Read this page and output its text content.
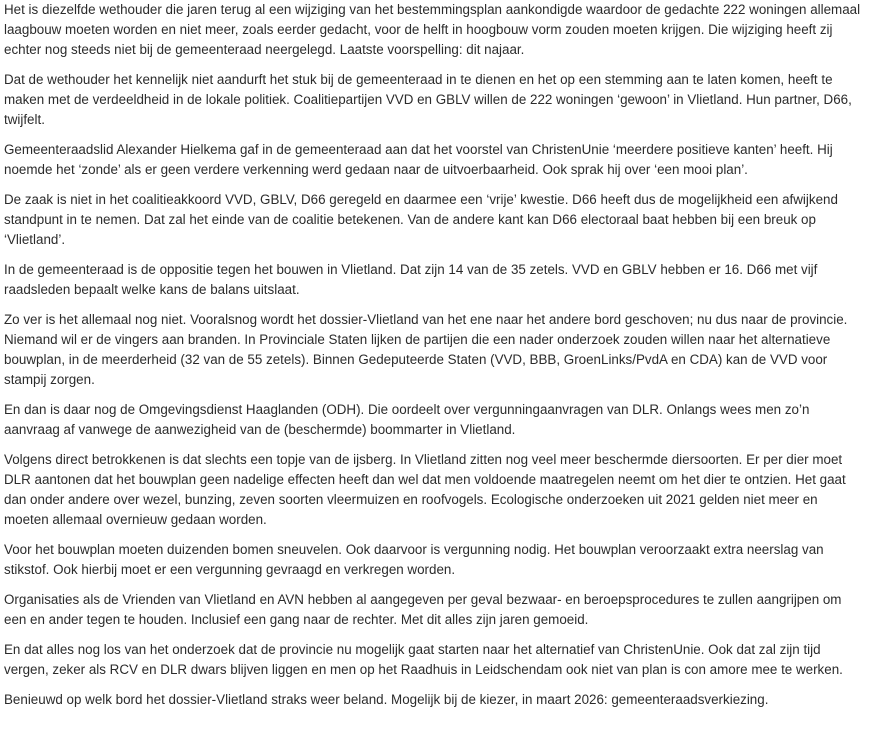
Het is diezelfde wethouder die jaren terug al een wijziging van het bestemmingsplan aankondigde waardoor de gedachte 222 woningen allemaal laagbouw moeten worden en niet meer, zoals eerder gedacht, voor de helft in hoogbouw vorm zouden moeten krijgen. Die wijziging heeft zij echter nog steeds niet bij de gemeenteraad neergelegd. Laatste voorspelling: dit najaar.

Dat de wethouder het kennelijk niet aandurft het stuk bij de gemeenteraad in te dienen en het op een stemming aan te laten komen, heeft te maken met de verdeeldheid in de lokale politiek. Coalitiepartijen VVD en GBLV willen de 222 woningen ‘gewoon’ in Vlietland. Hun partner, D66, twijfelt.

Gemeenteraadslid Alexander Hielkema gaf in de gemeenteraad aan dat het voorstel van ChristenUnie ‘meerdere positieve kanten’ heeft. Hij noemde het ‘zonde’ als er geen verdere verkenning werd gedaan naar de uitvoerbaarheid. Ook sprak hij over ‘een mooi plan’.

De zaak is niet in het coalitieakkoord VVD, GBLV, D66 geregeld en daarmee een ‘vrije’ kwestie. D66 heeft dus de mogelijkheid een afwijkend standpunt in te nemen. Dat zal het einde van de coalitie betekenen. Van de andere kant kan D66 electoraal baat hebben bij een breuk op ‘Vlietland’.

In de gemeenteraad is de oppositie tegen het bouwen in Vlietland. Dat zijn 14 van de 35 zetels. VVD en GBLV hebben er 16. D66 met vijf raadsleden bepaalt welke kans de balans uitslaat.

Zo ver is het allemaal nog niet. Vooralsnog wordt het dossier-Vlietland van het ene naar het andere bord geschoven; nu dus naar de provincie. Niemand wil er de vingers aan branden. In Provinciale Staten lijken de partijen die een nader onderzoek zouden willen naar het alternatieve bouwplan, in de meerderheid (32 van de 55 zetels). Binnen Gedeputeerde Staten (VVD, BBB, GroenLinks/PvdA en CDA) kan de VVD voor stampij zorgen.

En dan is daar nog de Omgevingsdienst Haaglanden (ODH). Die oordeelt over vergunningaanvragen van DLR. Onlangs wees men zo’n aanvraag af vanwege de aanwezigheid van de (beschermde) boommarter in Vlietland.

Volgens direct betrokkenen is dat slechts een topje van de ijsberg. In Vlietland zitten nog veel meer beschermde diersoorten. Er per dier moet DLR aantonen dat het bouwplan geen nadelige effecten heeft dan wel dat men voldoende maatregelen neemt om het dier te ontzien. Het gaat dan onder andere over wezel, bunzing, zeven soorten vleermuizen en roofvogels. Ecologische onderzoeken uit 2021 gelden niet meer en moeten allemaal overnieuw gedaan worden.

Voor het bouwplan moeten duizenden bomen sneuvelen. Ook daarvoor is vergunning nodig. Het bouwplan veroorzaakt extra neerslag van stikstof. Ook hierbij moet er een vergunning gevraagd en verkregen worden.

Organisaties als de Vrienden van Vlietland en AVN hebben al aangegeven per geval bezwaar- en beroepsprocedures te zullen aangrijpen om een en ander tegen te houden. Inclusief een gang naar de rechter. Met dit alles zijn jaren gemoeid.

En dat alles nog los van het onderzoek dat de provincie nu mogelijk gaat starten naar het alternatief van ChristenUnie. Ook dat zal zijn tijd vergen, zeker als RCV en DLR dwars blijven liggen en men op het Raadhuis in Leidschendam ook niet van plan is con amore mee te werken.

Benieuwd op welk bord het dossier-Vlietland straks weer beland. Mogelijk bij de kiezer, in maart 2026: gemeenteraadsverkiezing.
